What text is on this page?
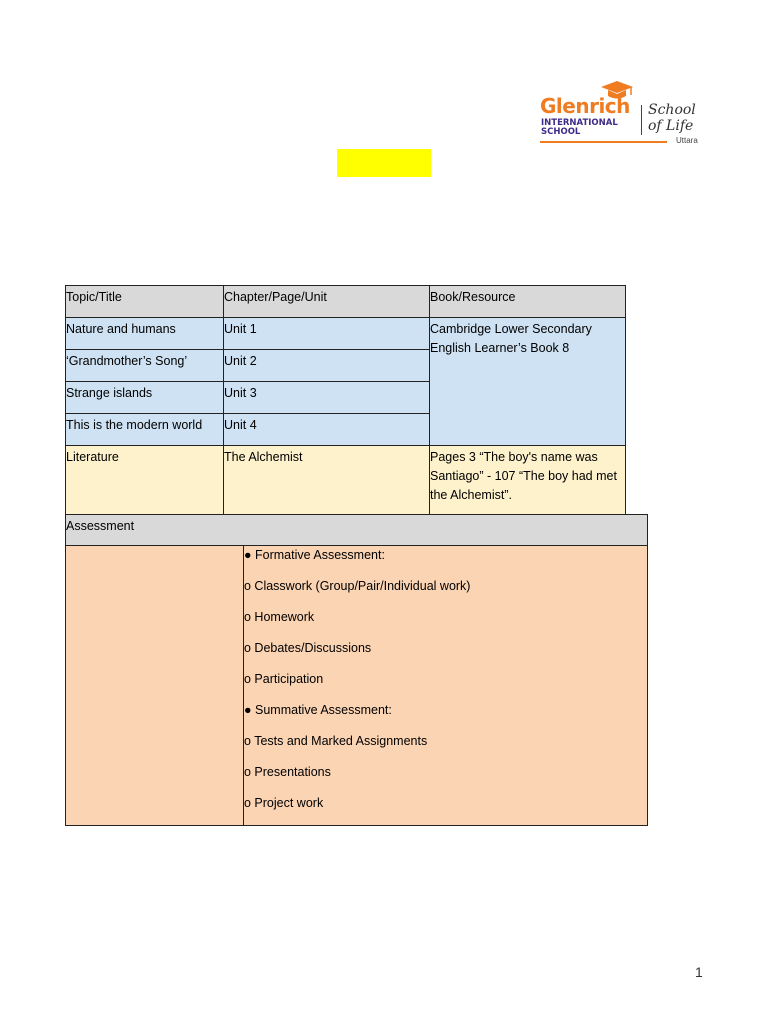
Glenrich
INTERNATIONAL
SCHOOL
School
of Life
Uttara
Topic/Title	Chapter/Page/Unit	Book/Resource
Nature and humans	Unit 1
‘Grandmother’s Song’	Unit 2
Strange islands	Unit 3
This is the modern world	Unit 4
Cambridge Lower Secondary
English Learner’s Book 8
Literature	The Alchemist	Pages 3 “The boy's name was
Santiago” - 107 “The boy had met
the Alchemist”.
Assessment
● Formative Assessment:
o Classwork (Group/Pair/Individual work)
o Homework
o Debates/Discussions
o Participation
● Summative Assessment:
o Tests and Marked Assignments
o Presentations
o Project work
1
